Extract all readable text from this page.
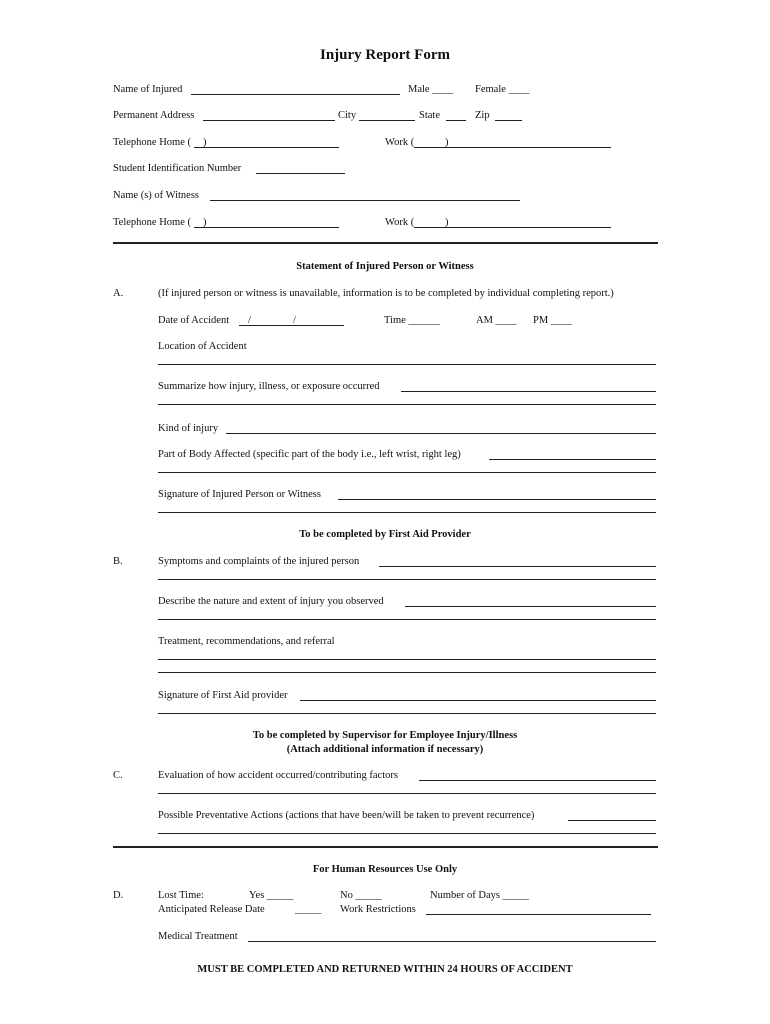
Injury Report Form
Name of Injured	Male ____ Female ____
Permanent Address	City	State	Zip
Telephone Home ( )	Work (	)
Student Identification Number
Name (s) of Witness
Telephone Home ( )	Work (	)
Statement of Injured Person or Witness
A.	(If injured person or witness is unavailable, information is to be completed by individual completing report.)
Date of Accident /	/	Time ______	AM ____ PM ____
Location of Accident
Summarize how injury, illness, or exposure occurred
Kind of injury
Part of Body Affected (specific part of the body i.e., left wrist, right leg)
Signature of Injured Person or Witness
To be completed by First Aid Provider
B.	Symptoms and complaints of the injured person
Describe the nature and extent of injury you observed
Treatment, recommendations, and referral
Signature of First Aid provider
To be completed by Supervisor for Employee Injury/Illness
(Attach additional information if necessary)
C.	Evaluation of how accident occurred/contributing factors
Possible Preventative Actions (actions that have been/will be taken to prevent recurrence)
For Human Resources Use Only
D.	Lost Time:	Yes _____	No _____	Number of Days _____
Anticipated Release Date	_____ Work Restrictions
Medical Treatment
MUST BE COMPLETED AND RETURNED WITHIN 24 HOURS OF ACCIDENT
